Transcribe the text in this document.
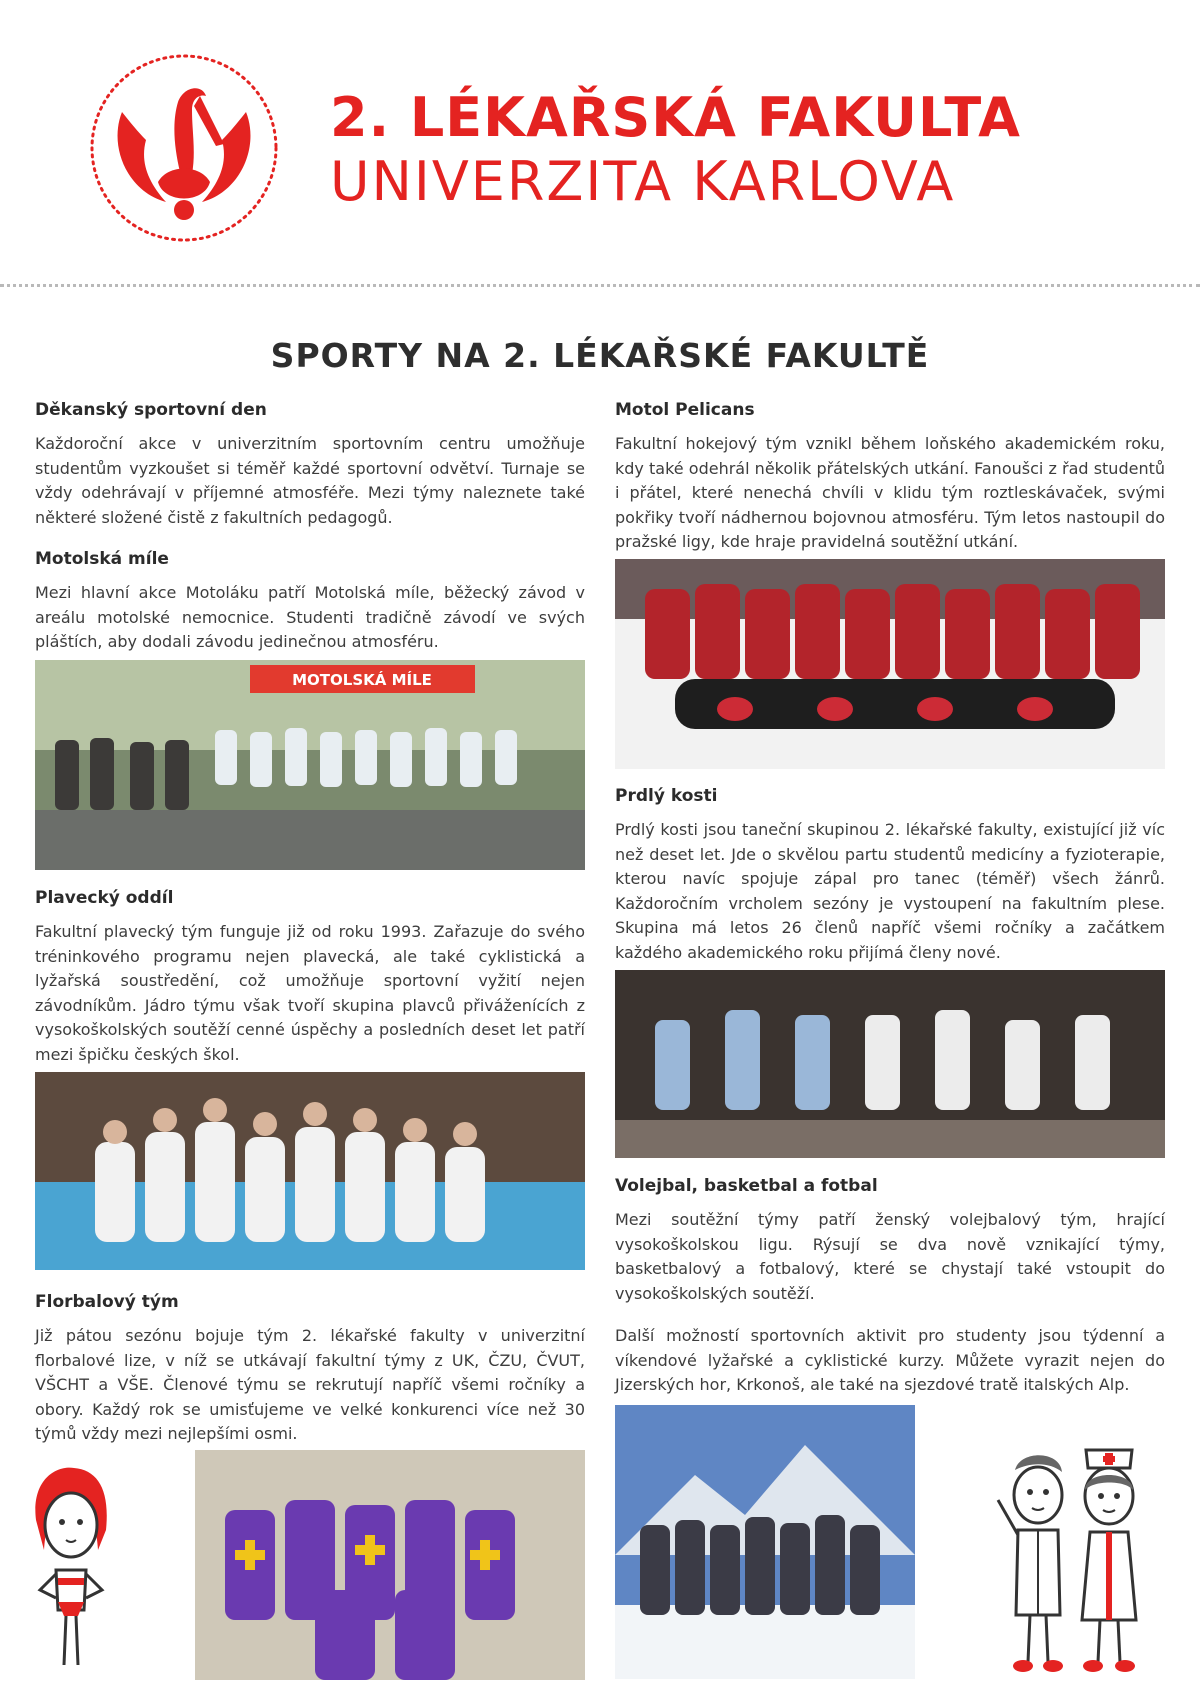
2. LÉKAŘSKÁ FAKULTA
UNIVERZITA KARLOVA
SPORTY NA 2. LÉKAŘSKÉ FAKULTĚ
Děkanský sportovní den
Každoroční akce v univerzitním sportovním centru umožňuje studentům vyzkoušet si téměř každé sportovní odvětví. Turnaje se vždy odehrávají v příjemné atmosféře. Mezi týmy naleznete také některé složené čistě z fakultních pedagogů.
Motolská míle
Mezi hlavní akce Motoláku patří Motolská míle, běžecký závod v areálu motolské nemocnice. Studenti tradičně závodí ve svých pláštích, aby dodali závodu jedinečnou atmosféru.
MOTOLSKÁ MÍLE
Plavecký oddíl
Fakultní plavecký tým funguje již od roku 1993. Zařazuje do svého tréninkového programu nejen plavecká, ale také cyklistická a lyžařská soustředění, což umožňuje sportovní vyžití nejen závodníkům. Jádro týmu však tvoří skupina plavců přiváženících z vysokoškolských soutěží cenné úspěchy a posledních deset let patří mezi špičku českých škol.
Florbalový tým
Již pátou sezónu bojuje tým 2. lékařské fakulty v univerzitní florbalové lize, v níž se utkávají fakultní týmy z UK, ČZU, ČVUT, VŠCHT a VŠE. Členové týmu se rekrutují napříč všemi ročníky a obory. Každý rok se umisťujeme ve velké konkurenci více než 30 týmů vždy mezi nejlepšími osmi.
Motol Pelicans
Fakultní hokejový tým vznikl během loňského akademickém roku, kdy také odehrál několik přátelských utkání. Fanoušci z řad studentů i přátel, které nenechá chvíli v klidu tým roztleskávaček, svými pokřiky tvoří nádhernou bojovnou atmosféru. Tým letos nastoupil do pražské ligy, kde hraje pravidelná soutěžní utkání.
Prdlý kosti
Prdlý kosti jsou taneční skupinou 2. lékařské fakulty, existující již víc než deset let. Jde o skvělou partu studentů medicíny a fyzioterapie, kterou navíc spojuje zápal pro tanec (téměř) všech žánrů. Každoročním vrcholem sezóny je vystoupení na fakultním plese. Skupina má letos 26 členů napříč všemi ročníky a začátkem každého akademického roku přijímá členy nové.
Volejbal, basketbal a fotbal
Mezi soutěžní týmy patří ženský volejbalový tým, hrající vysokoškolskou ligu. Rýsují se dva nově vznikající týmy, basketbalový a fotbalový, které se chystají také vstoupit do vysokoškolských soutěží.
Další možností sportovních aktivit pro studenty jsou týdenní a víkendové lyžařské a cyklistické kurzy. Můžete vyrazit nejen do Jizerských hor, Krkonoš, ale také na sjezdové tratě italských Alp.
